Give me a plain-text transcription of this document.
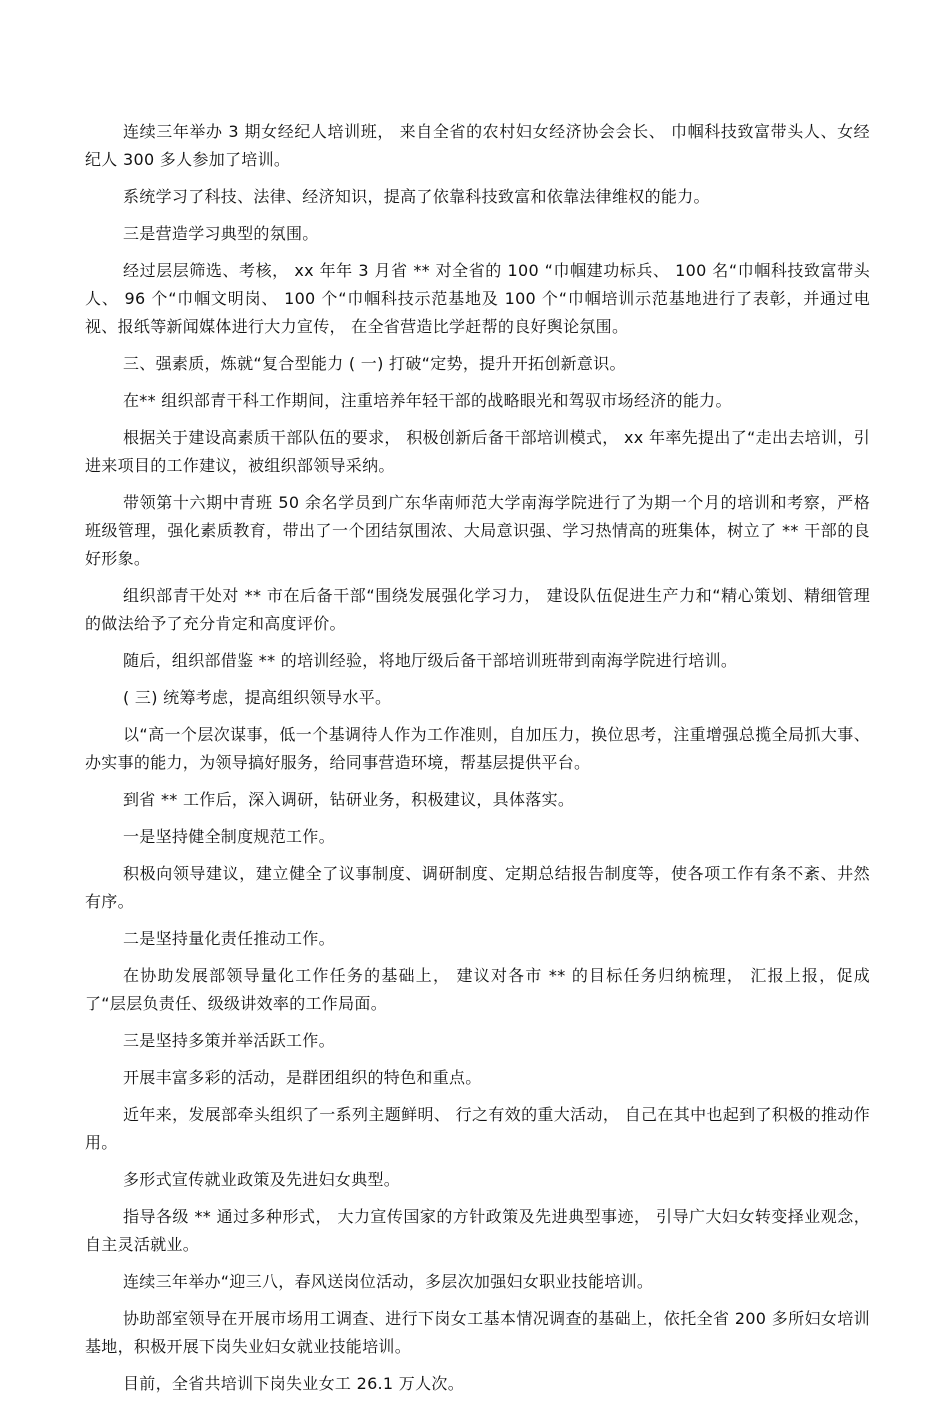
连续三年举办 3 期女经纪人培训班， 来自全省的农村妇女经济协会会长、 巾帼科技致富带头人、女经纪人 300 多人参加了培训。

系统学习了科技、法律、经济知识，提高了依靠科技致富和依靠法律维权的能力。

三是营造学习典型的氛围。

经过层层筛选、考核， xx 年年 3 月省 ** 对全省的 100 “巾帼建功标兵、 100 名“巾帼科技致富带头人、 96 个“巾帼文明岗、 100 个“巾帼科技示范基地及 100 个“巾帼培训示范基地进行了表彰，并通过电视、报纸等新闻媒体进行大力宣传， 在全省营造比学赶帮的良好舆论氛围。

三、强素质，炼就“复合型能力 ( 一) 打破“定势，提升开拓创新意识。

在** 组织部青干科工作期间，注重培养年轻干部的战略眼光和驾驭市场经济的能力。

根据关于建设高素质干部队伍的要求， 积极创新后备干部培训模式， xx 年率先提出了“走出去培训，引进来项目的工作建议，被组织部领导采纳。

带领第十六期中青班 50 余名学员到广东华南师范大学南海学院进行了为期一个月的培训和考察，严格班级管理，强化素质教育，带出了一个团结氛围浓、大局意识强、学习热情高的班集体，树立了 ** 干部的良好形象。

组织部青干处对 ** 市在后备干部“围绕发展强化学习力， 建设队伍促进生产力和“精心策划、精细管理的做法给予了充分肯定和高度评价。

随后，组织部借鉴 ** 的培训经验，将地厅级后备干部培训班带到南海学院进行培训。

( 三) 统筹考虑，提高组织领导水平。

以“高一个层次谋事，低一个基调待人作为工作准则，自加压力，换位思考，注重增强总揽全局抓大事、办实事的能力，为领导搞好服务，给同事营造环境，帮基层提供平台。

到省 ** 工作后，深入调研，钻研业务，积极建议，具体落实。

一是坚持健全制度规范工作。

积极向领导建议，建立健全了议事制度、调研制度、定期总结报告制度等，使各项工作有条不紊、井然有序。

二是坚持量化责任推动工作。

在协助发展部领导量化工作任务的基础上， 建议对各市 ** 的目标任务归纳梳理， 汇报上报，促成了“层层负责任、级级讲效率的工作局面。

三是坚持多策并举活跃工作。

开展丰富多彩的活动，是群团组织的特色和重点。

近年来，发展部牵头组织了一系列主题鲜明、 行之有效的重大活动， 自己在其中也起到了积极的推动作用。

多形式宣传就业政策及先进妇女典型。

指导各级 ** 通过多种形式， 大力宣传国家的方针政策及先进典型事迹， 引导广大妇女转变择业观念，自主灵活就业。

连续三年举办“迎三八，春风送岗位活动，多层次加强妇女职业技能培训。

协助部室领导在开展市场用工调查、进行下岗女工基本情况调查的基础上，依托全省 200 多所妇女培训基地，积极开展下岗失业妇女就业技能培训。

目前，全省共培训下岗失业女工 26.1 万人次。
